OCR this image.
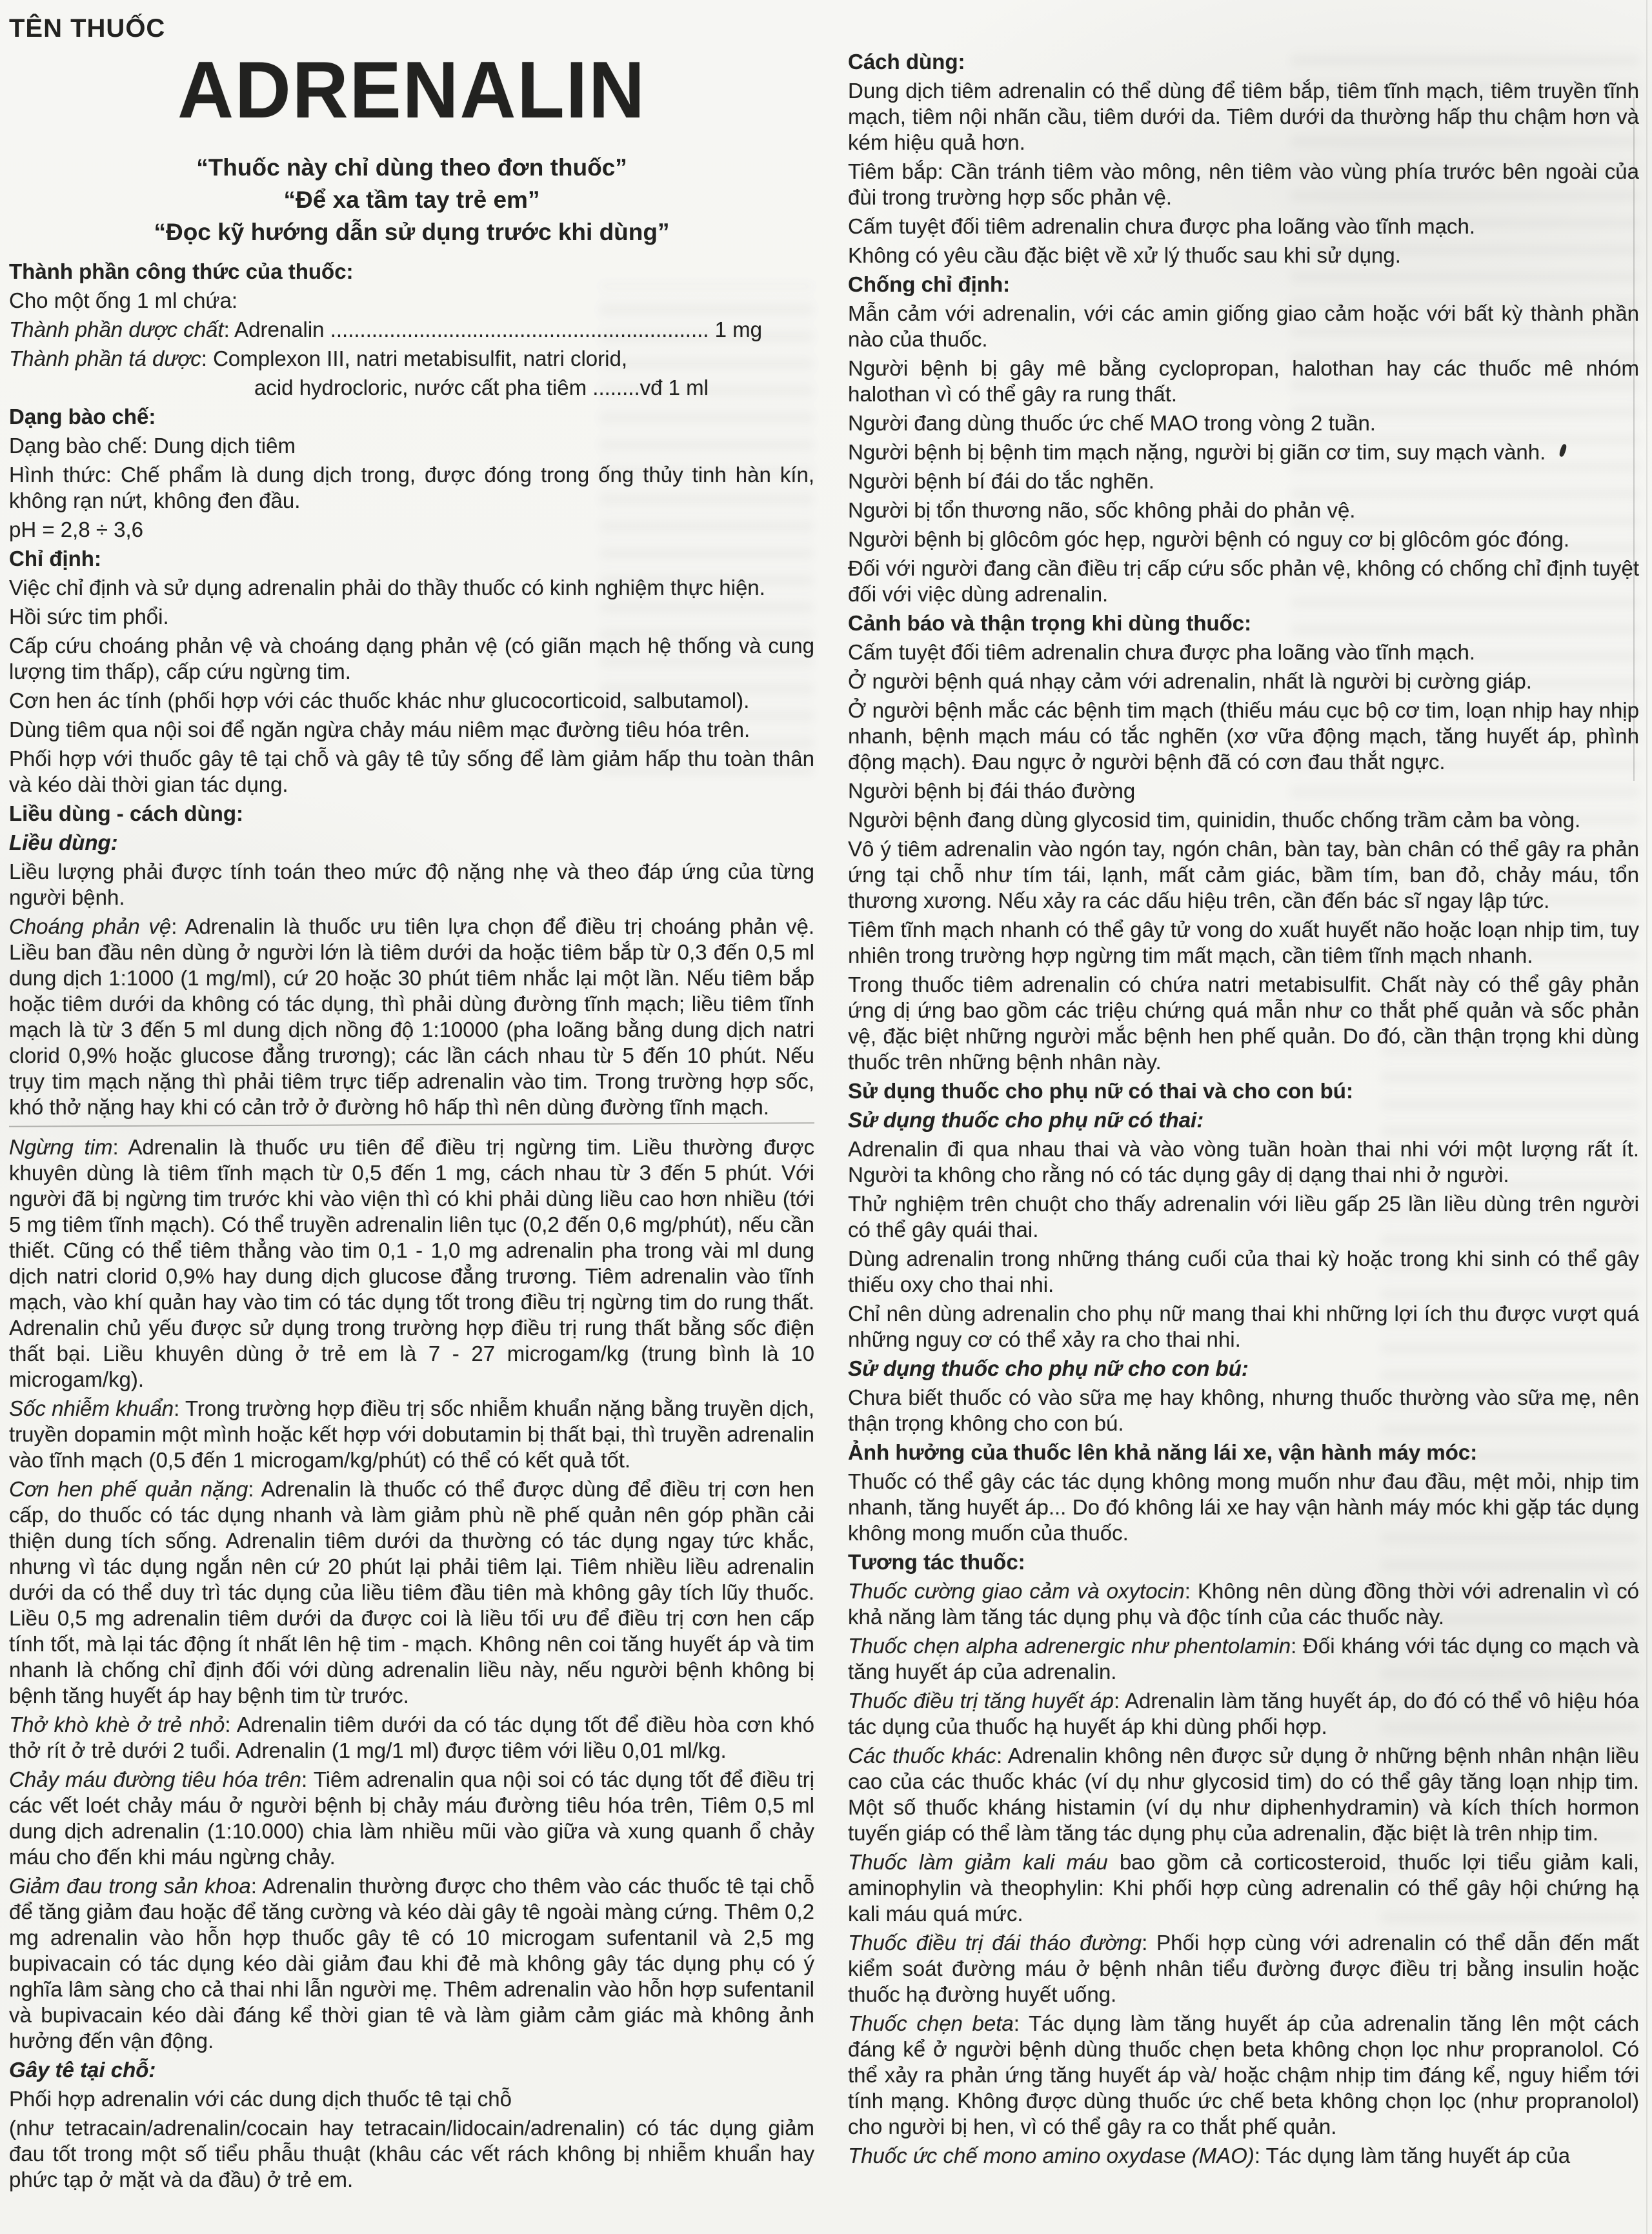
TÊN THUỐC
ADRENALIN

“Thuốc này chỉ dùng theo đơn thuốc”

“Để xa tầm tay trẻ em”

“Đọc kỹ hướng dẫn sử dụng trước khi dùng”

Thành phần công thức của thuốc:

Cho một ống 1 ml chứa:

Thành phần dược chất: Adrenalin ................................................................ 1 mg

Thành phần tá dược: Complexon III, natri metabisulfit, natri clorid,

acid hydrocloric, nước cất pha tiêm ........vđ 1 ml

Dạng bào chế:

Dạng bào chế: Dung dịch tiêm

Hình thức: Chế phẩm là dung dịch trong, được đóng trong ống thủy tinh hàn kín, không rạn nứt, không đen đầu.

pH = 2,8 ÷ 3,6

Chỉ định:

Việc chỉ định và sử dụng adrenalin phải do thầy thuốc có kinh nghiệm thực hiện.

Hồi sức tim phổi.

Cấp cứu choáng phản vệ và choáng dạng phản vệ (có giãn mạch hệ thống và cung lượng tim thấp), cấp cứu ngừng tim.

Cơn hen ác tính (phối hợp với các thuốc khác như glucocorticoid, salbutamol).

Dùng tiêm qua nội soi để ngăn ngừa chảy máu niêm mạc đường tiêu hóa trên.

Phối hợp với thuốc gây tê tại chỗ và gây tê tủy sống để làm giảm hấp thu toàn thân và kéo dài thời gian tác dụng.

Liều dùng - cách dùng:

Liều dùng:

Liều lượng phải được tính toán theo mức độ nặng nhẹ và theo đáp ứng của từng người bệnh.

Choáng phản vệ: Adrenalin là thuốc ưu tiên lựa chọn để điều trị choáng phản vệ. Liều ban đầu nên dùng ở người lớn là tiêm dưới da hoặc tiêm bắp từ 0,3 đến 0,5 ml dung dịch 1:1000 (1 mg/ml), cứ 20 hoặc 30 phút tiêm nhắc lại một lần. Nếu tiêm bắp hoặc tiêm dưới da không có tác dụng, thì phải dùng đường tĩnh mạch; liều tiêm tĩnh mạch là từ 3 đến 5 ml dung dịch nồng độ 1:10000 (pha loãng bằng dung dịch natri clorid 0,9% hoặc glucose đẳng trương); các lần cách nhau từ 5 đến 10 phút. Nếu trụy tim mạch nặng thì phải tiêm trực tiếp adrenalin vào tim. Trong trường hợp sốc, khó thở nặng hay khi có cản trở ở đường hô hấp thì nên dùng đường tĩnh mạch.

Ngừng tim: Adrenalin là thuốc ưu tiên để điều trị ngừng tim. Liều thường được khuyên dùng là tiêm tĩnh mạch từ 0,5 đến 1 mg, cách nhau từ 3 đến 5 phút. Với người đã bị ngừng tim trước khi vào viện thì có khi phải dùng liều cao hơn nhiều (tới 5 mg tiêm tĩnh mạch). Có thể truyền adrenalin liên tục (0,2 đến 0,6 mg/phút), nếu cần thiết. Cũng có thể tiêm thẳng vào tim 0,1 - 1,0 mg adrenalin pha trong vài ml dung dịch natri clorid 0,9% hay dung dịch glucose đẳng trương. Tiêm adrenalin vào tĩnh mạch, vào khí quản hay vào tim có tác dụng tốt trong điều trị ngừng tim do rung thất. Adrenalin chủ yếu được sử dụng trong trường hợp điều trị rung thất bằng sốc điện thất bại. Liều khuyên dùng ở trẻ em là 7 - 27 microgam/kg (trung bình là 10 microgam/kg).

Sốc nhiễm khuẩn: Trong trường hợp điều trị sốc nhiễm khuẩn nặng bằng truyền dịch, truyền dopamin một mình hoặc kết hợp với dobutamin bị thất bại, thì truyền adrenalin vào tĩnh mạch (0,5 đến 1 microgam/kg/phút) có thể có kết quả tốt.

Cơn hen phế quản nặng: Adrenalin là thuốc có thể được dùng để điều trị cơn hen cấp, do thuốc có tác dụng nhanh và làm giảm phù nề phế quản nên góp phần cải thiện dung tích sống. Adrenalin tiêm dưới da thường có tác dụng ngay tức khắc, nhưng vì tác dụng ngắn nên cứ 20 phút lại phải tiêm lại. Tiêm nhiều liều adrenalin dưới da có thể duy trì tác dụng của liều tiêm đầu tiên mà không gây tích lũy thuốc. Liều 0,5 mg adrenalin tiêm dưới da được coi là liều tối ưu để điều trị cơn hen cấp tính tốt, mà lại tác động ít nhất lên hệ tim - mạch. Không nên coi tăng huyết áp và tim nhanh là chống chỉ định đối với dùng adrenalin liều này, nếu người bệnh không bị bệnh tăng huyết áp hay bệnh tim từ trước.

Thở khò khè ở trẻ nhỏ: Adrenalin tiêm dưới da có tác dụng tốt để điều hòa cơn khó thở rít ở trẻ dưới 2 tuổi. Adrenalin (1 mg/1 ml) được tiêm với liều 0,01 ml/kg.

Chảy máu đường tiêu hóa trên: Tiêm adrenalin qua nội soi có tác dụng tốt để điều trị các vết loét chảy máu ở người bệnh bị chảy máu đường tiêu hóa trên, Tiêm 0,5 ml dung dịch adrenalin (1:10.000) chia làm nhiều mũi vào giữa và xung quanh ổ chảy máu cho đến khi máu ngừng chảy.

Giảm đau trong sản khoa: Adrenalin thường được cho thêm vào các thuốc tê tại chỗ để tăng giảm đau hoặc để tăng cường và kéo dài gây tê ngoài màng cứng. Thêm 0,2 mg adrenalin vào hỗn hợp thuốc gây tê có 10 microgam sufentanil và 2,5 mg bupivacain có tác dụng kéo dài giảm đau khi đẻ mà không gây tác dụng phụ có ý nghĩa lâm sàng cho cả thai nhi lẫn người mẹ. Thêm adrenalin vào hỗn hợp sufentanil và bupivacain kéo dài đáng kể thời gian tê và làm giảm cảm giác mà không ảnh hưởng đến vận động.

Gây tê tại chỗ:

Phối hợp adrenalin với các dung dịch thuốc tê tại chỗ

(như tetracain/adrenalin/cocain hay tetracain/lidocain/adrenalin) có tác dụng giảm đau tốt trong một số tiểu phẫu thuật (khâu các vết rách không bị nhiễm khuẩn hay phức tạp ở mặt và da đầu) ở trẻ em.

Cách dùng:

Dung dịch tiêm adrenalin có thể dùng để tiêm bắp, tiêm tĩnh mạch, tiêm truyền tĩnh mạch, tiêm nội nhãn cầu, tiêm dưới da. Tiêm dưới da thường hấp thu chậm hơn và kém hiệu quả hơn.

Tiêm bắp: Cần tránh tiêm vào mông, nên tiêm vào vùng phía trước bên ngoài của đùi trong trường hợp sốc phản vệ.

Cấm tuyệt đối tiêm adrenalin chưa được pha loãng vào tĩnh mạch.

Không có yêu cầu đặc biệt về xử lý thuốc sau khi sử dụng.

Chống chỉ định:

Mẫn cảm với adrenalin, với các amin giống giao cảm hoặc với bất kỳ thành phần nào của thuốc.

Người bệnh bị gây mê bằng cyclopropan, halothan hay các thuốc mê nhóm halothan vì có thể gây ra rung thất.

Người đang dùng thuốc ức chế MAO trong vòng 2 tuần.

Người bệnh bị bệnh tim mạch nặng, người bị giãn cơ tim, suy mạch vành.

Người bệnh bí đái do tắc nghẽn.

Người bị tổn thương não, sốc không phải do phản vệ.

Người bệnh bị glôcôm góc hẹp, người bệnh có nguy cơ bị glôcôm góc đóng.

Đối với người đang cần điều trị cấp cứu sốc phản vệ, không có chống chỉ định tuyệt đối với việc dùng adrenalin.

Cảnh báo và thận trọng khi dùng thuốc:

Cấm tuyệt đối tiêm adrenalin chưa được pha loãng vào tĩnh mạch.

Ở người bệnh quá nhạy cảm với adrenalin, nhất là người bị cường giáp.

Ở người bệnh mắc các bệnh tim mạch (thiếu máu cục bộ cơ tim, loạn nhịp hay nhịp nhanh, bệnh mạch máu có tắc nghẽn (xơ vữa động mạch, tăng huyết áp, phình động mạch). Đau ngực ở người bệnh đã có cơn đau thắt ngực.

Người bệnh bị đái tháo đường

Người bệnh đang dùng glycosid tim, quinidin, thuốc chống trầm cảm ba vòng.

Vô ý tiêm adrenalin vào ngón tay, ngón chân, bàn tay, bàn chân có thể gây ra phản ứng tại chỗ như tím tái, lạnh, mất cảm giác, bầm tím, ban đỏ, chảy máu, tổn thương xương. Nếu xảy ra các dấu hiệu trên, cần đến bác sĩ ngay lập tức.

Tiêm tĩnh mạch nhanh có thể gây tử vong do xuất huyết não hoặc loạn nhịp tim, tuy nhiên trong trường hợp ngừng tim mất mạch, cần tiêm tĩnh mạch nhanh.

Trong thuốc tiêm adrenalin có chứa natri metabisulfit. Chất này có thể gây phản ứng dị ứng bao gồm các triệu chứng quá mẫn như co thắt phế quản và sốc phản vệ, đặc biệt những người mắc bệnh hen phế quản. Do đó, cần thận trọng khi dùng thuốc trên những bệnh nhân này.

Sử dụng thuốc cho phụ nữ có thai và cho con bú:

Sử dụng thuốc cho phụ nữ có thai:

Adrenalin đi qua nhau thai và vào vòng tuần hoàn thai nhi với một lượng rất ít. Người ta không cho rằng nó có tác dụng gây dị dạng thai nhi ở người.

Thử nghiệm trên chuột cho thấy adrenalin với liều gấp 25 lần liều dùng trên người có thể gây quái thai.

Dùng adrenalin trong những tháng cuối của thai kỳ hoặc trong khi sinh có thể gây thiếu oxy cho thai nhi.

Chỉ nên dùng adrenalin cho phụ nữ mang thai khi những lợi ích thu được vượt quá những nguy cơ có thể xảy ra cho thai nhi.

Sử dụng thuốc cho phụ nữ cho con bú:

Chưa biết thuốc có vào sữa mẹ hay không, nhưng thuốc thường vào sữa mẹ, nên thận trọng không cho con bú.

Ảnh hưởng của thuốc lên khả năng lái xe, vận hành máy móc:

Thuốc có thể gây các tác dụng không mong muốn như đau đầu, mệt mỏi, nhịp tim nhanh, tăng huyết áp... Do đó không lái xe hay vận hành máy móc khi gặp tác dụng không mong muốn của thuốc.

Tương tác thuốc:

Thuốc cường giao cảm và oxytocin: Không nên dùng đồng thời với adrenalin vì có khả năng làm tăng tác dụng phụ và độc tính của các thuốc này.

Thuốc chẹn alpha adrenergic như phentolamin: Đối kháng với tác dụng co mạch và tăng huyết áp của adrenalin.

Thuốc điều trị tăng huyết áp: Adrenalin làm tăng huyết áp, do đó có thể vô hiệu hóa tác dụng của thuốc hạ huyết áp khi dùng phối hợp.

Các thuốc khác: Adrenalin không nên được sử dụng ở những bệnh nhân nhận liều cao của các thuốc khác (ví dụ như glycosid tim) do có thể gây tăng loạn nhịp tim. Một số thuốc kháng histamin (ví dụ như diphenhydramin) và kích thích hormon tuyến giáp có thể làm tăng tác dụng phụ của adrenalin, đặc biệt là trên nhịp tim.

Thuốc làm giảm kali máu bao gồm cả corticosteroid, thuốc lợi tiểu giảm kali, aminophylin và theophylin: Khi phối hợp cùng adrenalin có thể gây hội chứng hạ kali máu quá mức.

Thuốc điều trị đái tháo đường: Phối hợp cùng với adrenalin có thể dẫn đến mất kiểm soát đường máu ở bệnh nhân tiểu đường được điều trị bằng insulin hoặc thuốc hạ đường huyết uống.

Thuốc chẹn beta: Tác dụng làm tăng huyết áp của adrenalin tăng lên một cách đáng kể ở người bệnh dùng thuốc chẹn beta không chọn lọc như propranolol. Có thể xảy ra phản ứng tăng huyết áp và/ hoặc chậm nhịp tim đáng kể, nguy hiểm tới tính mạng. Không được dùng thuốc ức chế beta không chọn lọc (như propranolol) cho người bị hen, vì có thể gây ra co thắt phế quản.

Thuốc ức chế mono amino oxydase (MAO): Tác dụng làm tăng huyết áp của
